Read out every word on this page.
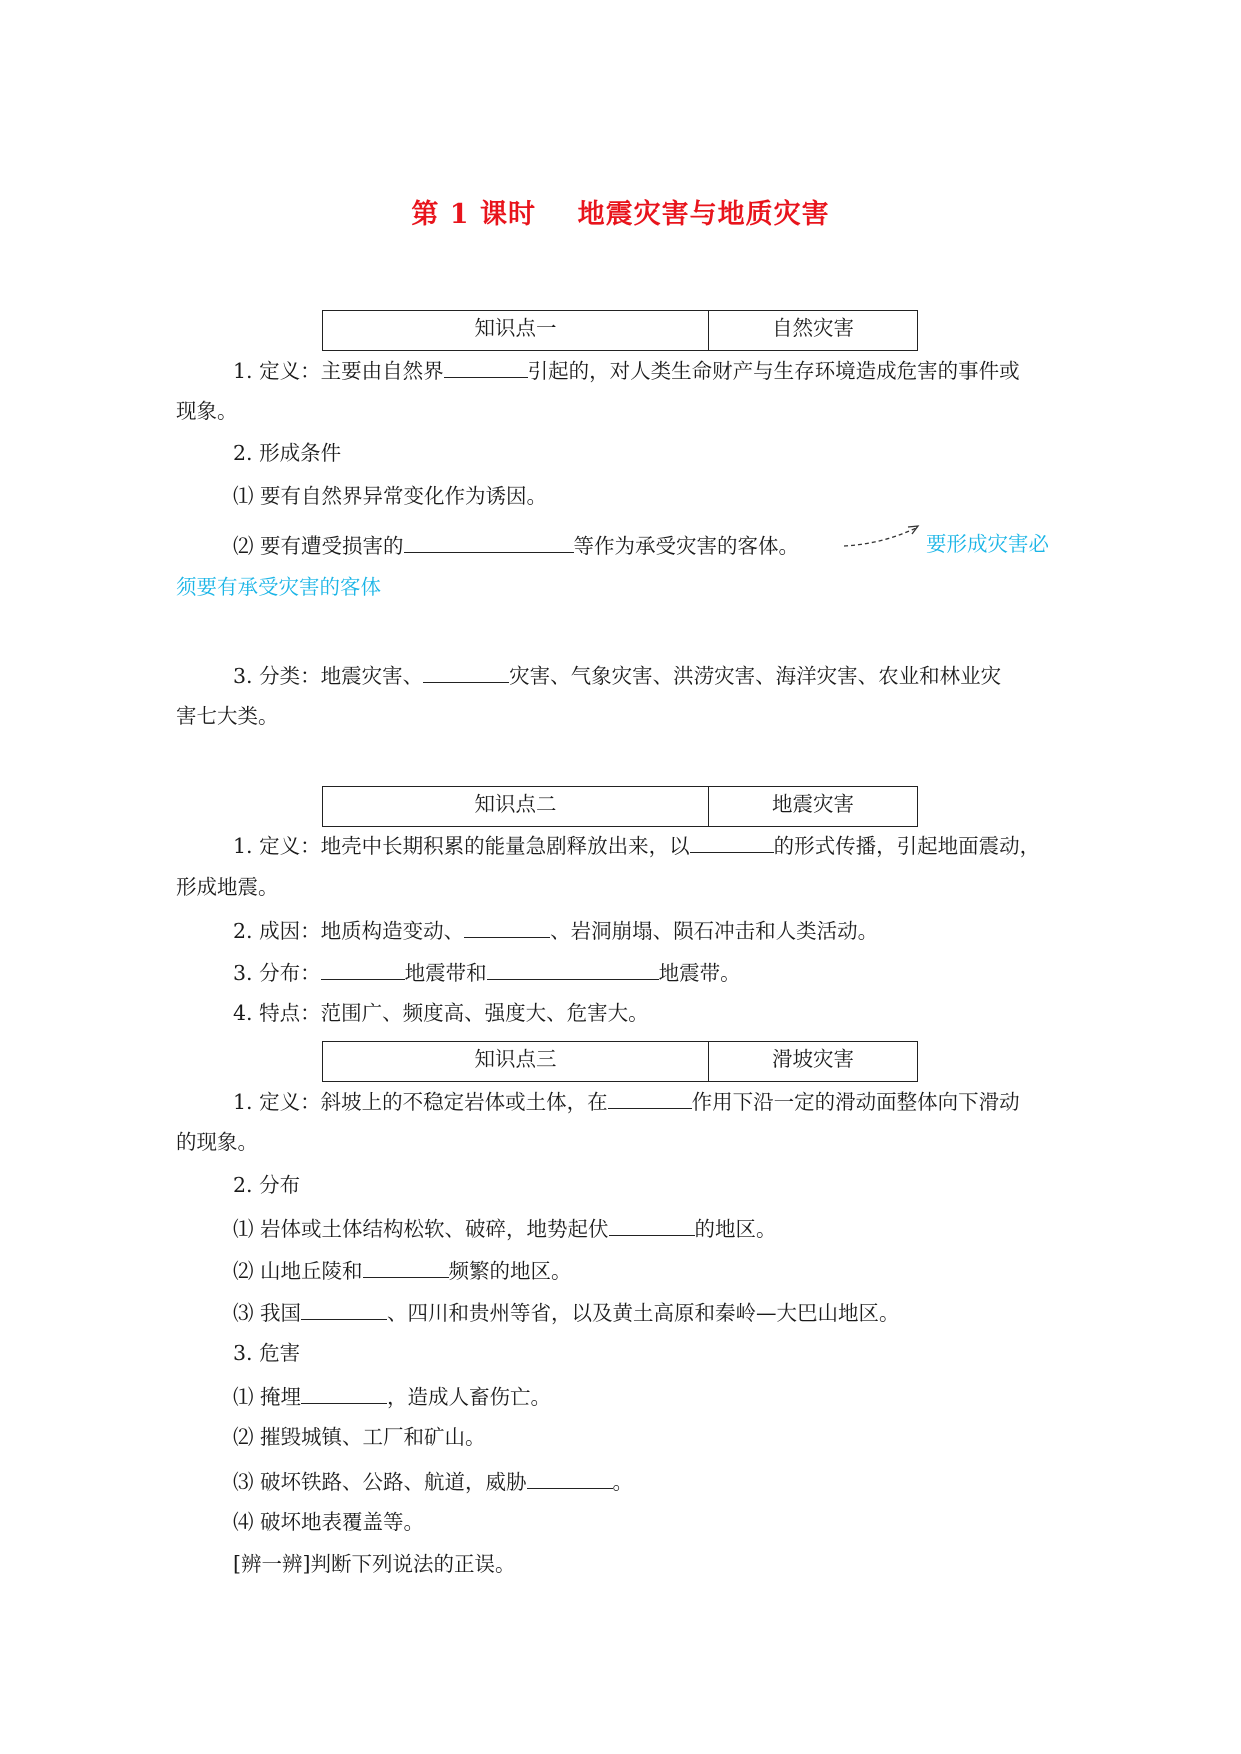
第 1 课时    地震灾害与地质灾害
知识点一	自然灾害
1. 定义：主要由自然界	引起的，对人类生命财产与生存环境造成危害的事件或
现象。
2. 形成条件
⑴ 要有自然界异常变化作为诱因。
⑵ 要有遭受损害的	等作为承受灾害的客体。	要形成灾害必
须要有承受灾害的客体
3. 分类：地震灾害、	灾害、气象灾害、洪涝灾害、海洋灾害、农业和林业灾
害七大类。
知识点二	地震灾害
1. 定义：地壳中长期积累的能量急剧释放出来，以	的形式传播，引起地面震动，
形成地震。
2. 成因：地质构造变动、	、岩洞崩塌、陨石冲击和人类活动。
3. 分布：	地震带和	地震带。
4. 特点：范围广、频度高、强度大、危害大。
知识点三	滑坡灾害
1. 定义：斜坡上的不稳定岩体或土体，在	作用下沿一定的滑动面整体向下滑动
的现象。
2. 分布
⑴ 岩体或土体结构松软、破碎，地势起伏	的地区。
⑵ 山地丘陵和	频繁的地区。
⑶ 我国	、四川和贵州等省，以及黄土高原和秦岭—大巴山地区。
3. 危害
⑴ 掩埋	，造成人畜伤亡。
⑵ 摧毁城镇、工厂和矿山。
⑶ 破坏铁路、公路、航道，威胁	。
⑷ 破坏地表覆盖等。
[辨一辨]判断下列说法的正误。
